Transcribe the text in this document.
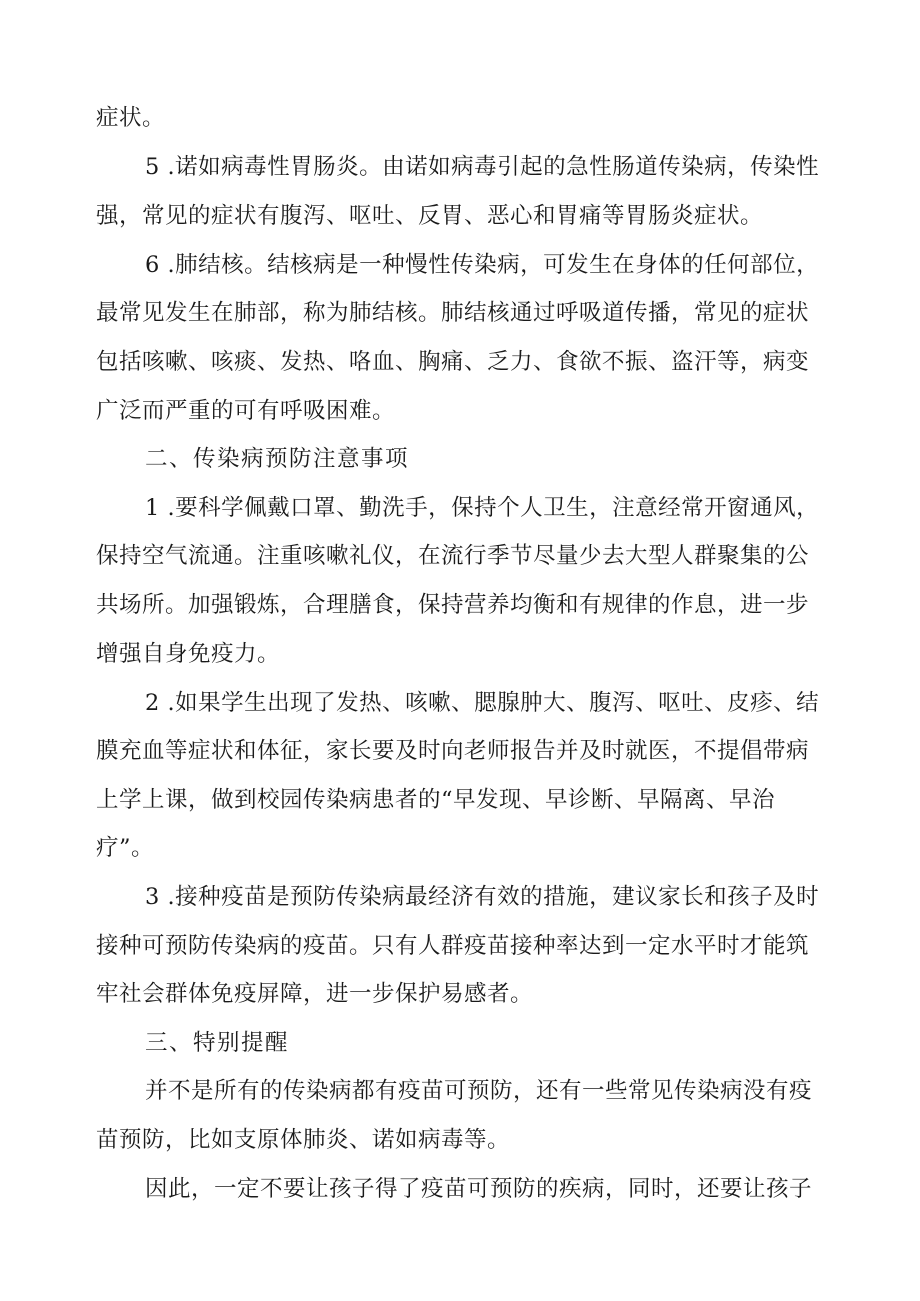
症状。
5 .诺如病毒性胃肠炎。由诺如病毒引起的急性肠道传染病，传染性
强，常见的症状有腹泻、呕吐、反胃、恶心和胃痛等胃肠炎症状。
6 .肺结核。结核病是一种慢性传染病，可发生在身体的任何部位，
最常见发生在肺部，称为肺结核。肺结核通过呼吸道传播，常见的症状
包括咳嗽、咳痰、发热、咯血、胸痛、乏力、食欲不振、盗汗等，病变
广泛而严重的可有呼吸困难。
二、传染病预防注意事项
1 .要科学佩戴口罩、勤洗手，保持个人卫生，注意经常开窗通风，
保持空气流通。注重咳嗽礼仪，在流行季节尽量少去大型人群聚集的公
共场所。加强锻炼，合理膳食，保持营养均衡和有规律的作息，进一步
增强自身免疫力。
2 .如果学生出现了发热、咳嗽、腮腺肿大、腹泻、呕吐、皮疹、结
膜充血等症状和体征，家长要及时向老师报告并及时就医，不提倡带病
上学上课，做到校园传染病患者的“早发现、早诊断、早隔离、早治
疗”。
3 .接种疫苗是预防传染病最经济有效的措施，建议家长和孩子及时
接种可预防传染病的疫苗。只有人群疫苗接种率达到一定水平时才能筑
牢社会群体免疫屏障，进一步保护易感者。
三、特别提醒
并不是所有的传染病都有疫苗可预防，还有一些常见传染病没有疫
苗预防，比如支原体肺炎、诺如病毒等。
因此，一定不要让孩子得了疫苗可预防的疾病，同时，还要让孩子
